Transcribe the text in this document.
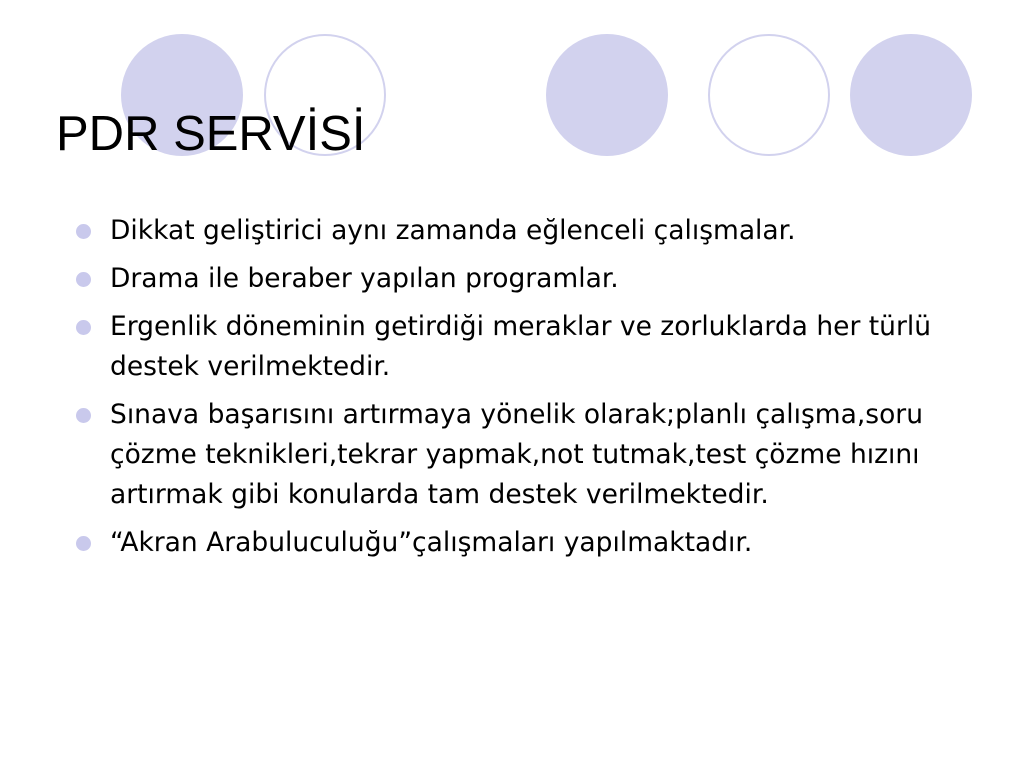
PDR SERVİSİ
Dikkat geliştirici aynı zamanda eğlenceli çalışmalar.
Drama ile beraber yapılan programlar.
Ergenlik döneminin getirdiği meraklar ve zorluklarda her türlü destek verilmektedir.
Sınava başarısını artırmaya yönelik olarak;planlı çalışma,soru çözme teknikleri,tekrar yapmak,not tutmak,test çözme hızını artırmak gibi konularda tam destek verilmektedir.
“Akran Arabuluculuğu”çalışmaları yapılmaktadır.
